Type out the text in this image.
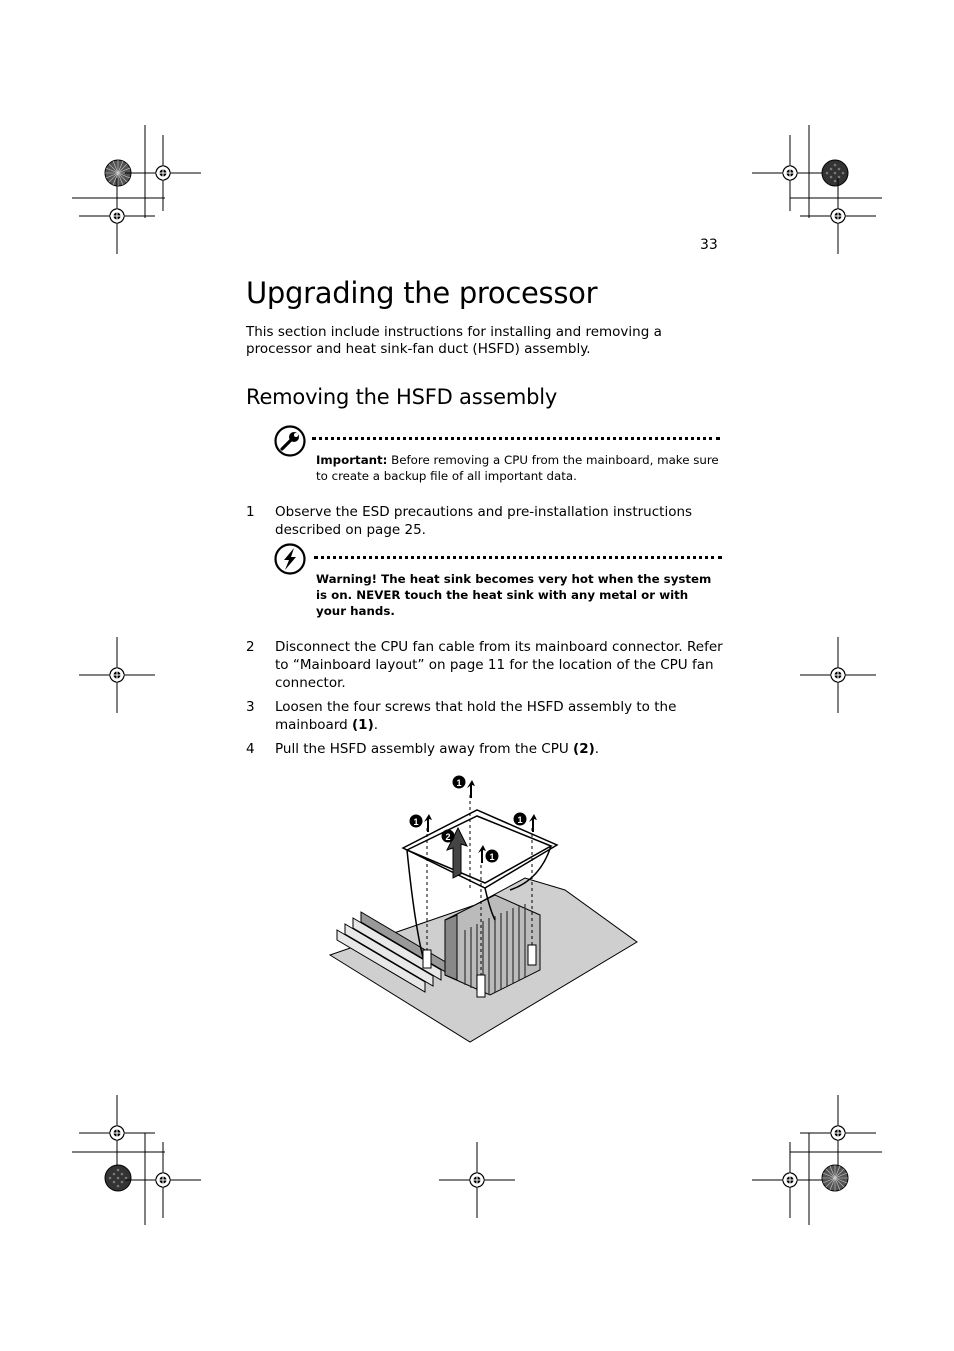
33
Upgrading the processor

This section include instructions for installing and removing a processor and heat sink-fan duct (HSFD) assembly.

Removing the HSFD assembly

Important: Before removing a CPU from the mainboard, make sure to create a backup file of all important data.

1 Observe the ESD precautions and pre-installation instructions described on page 25.

Warning! The heat sink becomes very hot when the system is on. NEVER touch the heat sink with any metal or with your hands.

2 Disconnect the CPU fan cable from its mainboard connector. Refer to “Mainboard layout” on page 11 for the location of the CPU fan connector.

3 Loosen the four screws that hold the HSFD assembly to the mainboard (1).

4 Pull the HSFD assembly away from the CPU (2).

1
1	1
1
2
